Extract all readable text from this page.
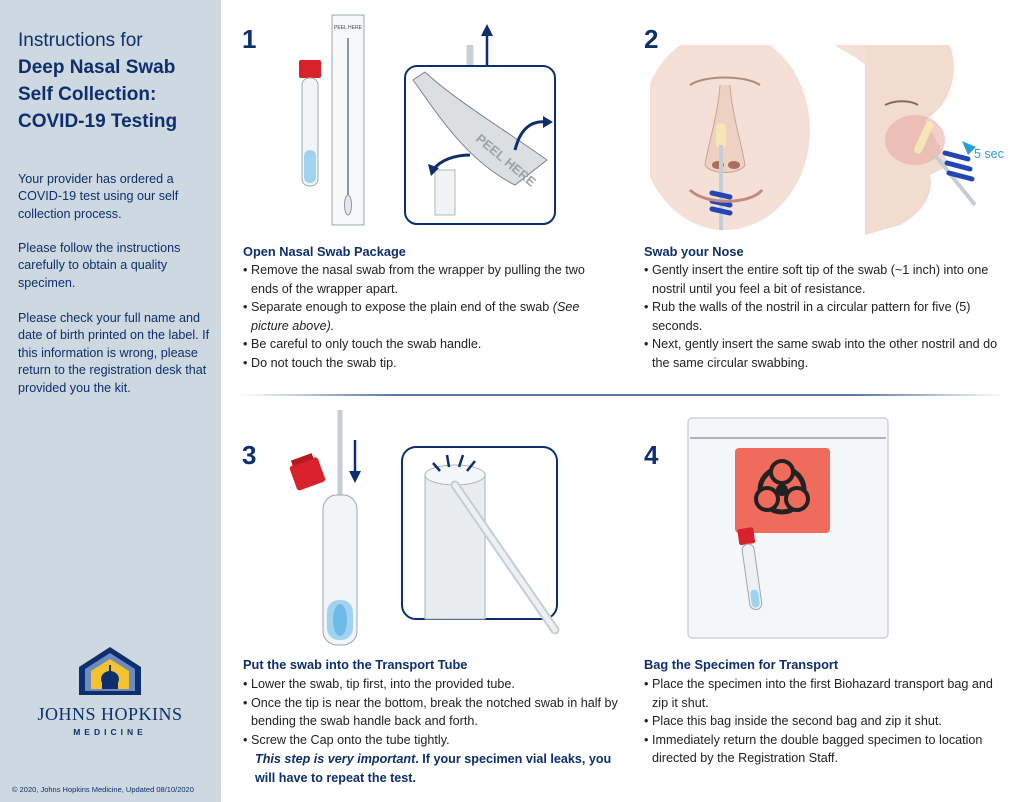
Instructions for
Deep Nasal Swab
Self Collection:
COVID-19 Testing
Your provider has ordered a COVID-19 test using our self collection process.
Please follow the instructions carefully to obtain a quality specimen.
Please check your full name and date of birth printed on the label. If this information is wrong, please return to the registration desk that provided you the kit.
JOHNS HOPKINS
MEDICINE
© 2020, Johns Hopkins Medicine, Updated 08/10/2020
1	PEEL HERE
PEEL HERE
Open Nasal Swab Package
• Remove the nasal swab from the wrapper by pulling the two ends of the wrapper apart.
• Separate enough to expose the plain end of the swab (See picture above).
• Be careful to only touch the swab handle.
• Do not touch the swab tip.
2
5 sec
Swab your Nose
• Gently insert the entire soft tip of the swab (~1 inch) into one nostril until you feel a bit of resistance.
• Rub the walls of the nostril in a circular pattern for five (5) seconds.
• Next, gently insert the same swab into the other nostril and do the same circular swabbing.
3
Put the swab into the Transport Tube
• Lower the swab, tip first, into the provided tube.
• Once the tip is near the bottom, break the notched swab in half by bending the swab handle back and forth.
• Screw the Cap onto the tube tightly.
This step is very important. If your specimen vial leaks, you will have to repeat the test.
4
Bag the Specimen for Transport
• Place the specimen into the first Biohazard transport bag and zip it shut.
• Place this bag inside the second bag and zip it shut.
• Immediately return the double bagged specimen to location directed by the Registration Staff.
